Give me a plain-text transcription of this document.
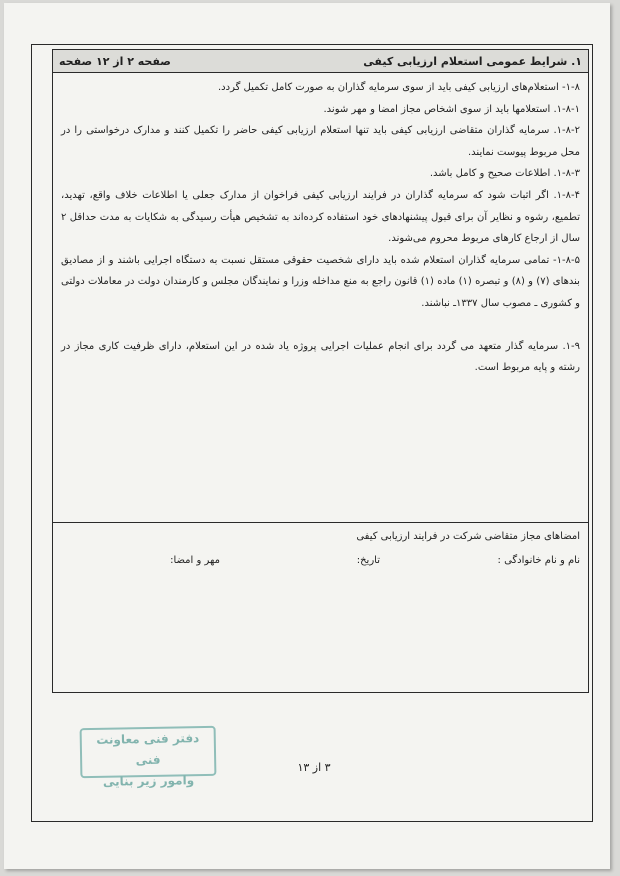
۱. شرایط عمومی استعلام ارزیابی کیفی
صفحه ۲ از ۱۲ صفحه

۱-۸- استعلام‌های ارزیابی کیفی باید از سوی سرمایه گذاران به صورت کامل تکمیل گردد.

۱-۸-۱. استعلامها باید از سوی اشخاص مجاز امضا و مهر شوند.

۱-۸-۲. سرمایه گذاران متقاضی ارزیابی کیفی باید تنها استعلام ارزیابی کیفی حاضر را تکمیل کنند و مدارک درخواستی را در محل مربوط پیوست نمایند.

۱-۸-۳. اطلاعات صحیح و کامل باشد.

۱-۸-۴. اگر اثبات شود که سرمایه گذاران در فرایند ارزیابی کیفی فراخوان از مدارک جعلی یا اطلاعات خلاف واقع، تهدید، تطمیع، رشوه و نظایر آن برای قبول پیشنهادهای خود استفاده کرده‌اند به تشخیص هیأت رسیدگی به شکایات به مدت حداقل ۲ سال از ارجاع کارهای مربوط محروم می‌شوند.

۱-۸-۵- تمامی سرمایه گذاران استعلام شده باید دارای شخصیت حقوقی مستقل نسبت به دستگاه اجرایی باشند و از مصادیق بندهای (۷) و (۸) و تبصره (۱) ماده (۱) قانون راجع به منع مداخله وزرا و نمایندگان مجلس و کارمندان دولت در معاملات دولتی و کشوری ـ مصوب سال ۱۳۳۷ـ نباشند.

۱-۹. سرمایه گذار متعهد می گردد برای انجام عملیات اجرایی پروژه یاد شده در این استعلام، دارای ظرفیت کاری مجاز در رشته و پایه مربوط است.

امضاهای مجاز متقاضی شرکت در فرایند ارزیابی کیفی
نام و نام خانوادگی :
تاریخ:
مهر و امضا:
دفتر فنی معاونت فنی
وامور زیر بنایی
۳ از ۱۳
